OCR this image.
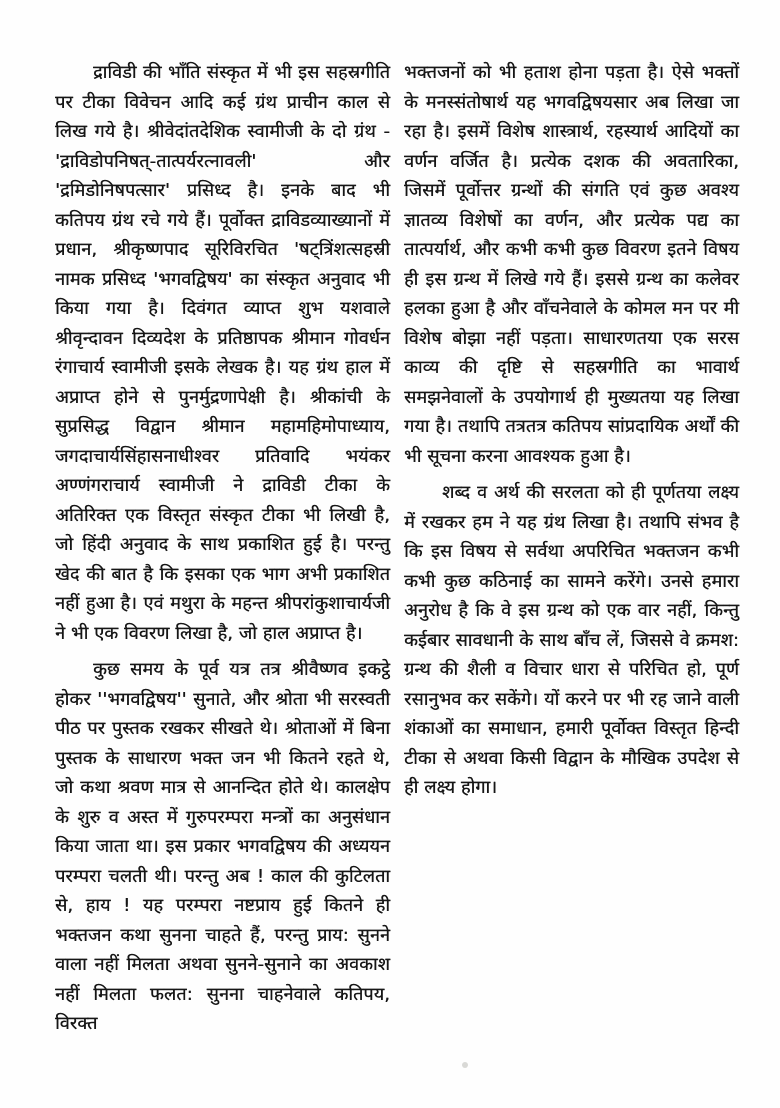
द्राविडी की भाँति संस्कृत में भी इस सहस्रगीति पर टीका विवेचन आदि कई ग्रंथ प्राचीन काल से लिख गये है। श्रीवेदांतदेशिक स्वामीजी के दो ग्रंथ - 'द्राविडोपनिषत्-तात्पर्यरत्नावली' और 'द्रमिडोनिषपत्सार' प्रसिध्द है। इनके बाद भी कतिपय ग्रंथ रचे गये हैं। पूर्वोक्त द्राविडव्याख्यानों में प्रधान, श्रीकृष्णपाद सूरिविरचित 'षट्त्रिंशत्सहस्री नामक प्रसिध्द 'भगवद्विषय' का संस्कृत अनुवाद भी किया गया है। दिवंगत व्याप्त शुभ यशवाले श्रीवृन्दावन दिव्यदेश के प्रतिष्ठापक श्रीमान गोवर्धन रंगाचार्य स्वामीजी इसके लेखक है। यह ग्रंथ हाल में अप्राप्त होने से पुनर्मुद्रणापेक्षी है। श्रीकांची के सुप्रसिद्ध विद्वान श्रीमान महामहिमोपाध्याय, जगदाचार्यसिंहासनाधीश्वर प्रतिवादि भयंकर अण्णंगराचार्य स्वामीजी ने द्राविडी टीका के अतिरिक्त एक विस्तृत संस्कृत टीका भी लिखी है, जो हिंदी अनुवाद के साथ प्रकाशित हुई है। परन्तु खेद की बात है कि इसका एक भाग अभी प्रकाशित नहीं हुआ है। एवं मथुरा के महन्त श्रीपरांकुशाचार्यजी ने भी एक विवरण लिखा है, जो हाल अप्राप्त है।

कुछ समय के पूर्व यत्र तत्र श्रीवैष्णव इकट्ठे होकर ''भगवद्विषय'' सुनाते, और श्रोता भी सरस्वती पीठ पर पुस्तक रखकर सीखते थे। श्रोताओं में बिना पुस्तक के साधारण भक्त जन भी कितने रहते थे, जो कथा श्रवण मात्र से आनन्दित होते थे। कालक्षेप के शुरु व अस्त में गुरुपरम्परा मन्त्रों का अनुसंधान किया जाता था। इस प्रकार भगवद्विषय की अध्ययन परम्परा चलती थी। परन्तु अब ! काल की कुटिलता से, हाय ! यह परम्परा नष्टप्राय हुई कितने ही भक्तजन कथा सुनना चाहते हैं, परन्तु प्राय: सुनने वाला नहीं मिलता अथवा सुनने-सुनाने का अवकाश नहीं मिलता फलत: सुनना चाहनेवाले कतिपय, विरक्त

भक्तजनों को भी हताश होना पड़ता है। ऐसे भक्तों के मनस्संतोषार्थ यह भगवद्विषयसार अब लिखा जा रहा है। इसमें विशेष शास्त्रार्थ, रहस्यार्थ आदियों का वर्णन वर्जित है। प्रत्येक दशक की अवतारिका, जिसमें पूर्वोत्तर ग्रन्थों की संगति एवं कुछ अवश्य ज्ञातव्य विशेषों का वर्णन, और प्रत्येक पद्य का तात्पर्यार्थ, और कभी कभी कुछ विवरण इतने विषय ही इस ग्रन्थ में लिखे गये हैं। इससे ग्रन्थ का कलेवर हलका हुआ है और वाँचनेवाले के कोमल मन पर मी विशेष बोझा नहीं पड़ता। साधारणतया एक सरस काव्य की दृष्टि से सहस्रगीति का भावार्थ समझनेवालों के उपयोगार्थ ही मुख्यतया यह लिखा गया है। तथापि तत्रतत्र कतिपय सांप्रदायिक अर्थों की भी सूचना करना आवश्यक हुआ है।

शब्द व अर्थ की सरलता को ही पूर्णतया लक्ष्य में रखकर हम ने यह ग्रंथ लिखा है। तथापि संभव है कि इस विषय से सर्वथा अपरिचित भक्तजन कभी कभी कुछ कठिनाई का सामने करेंगे। उनसे हमारा अनुरोध है कि वे इस ग्रन्थ को एक वार नहीं, किन्तु कईबार सावधानी के साथ बाँच लें, जिससे वे क्रमश: ग्रन्थ की शैली व विचार धारा से परिचित हो, पूर्ण रसानुभव कर सकेंगे। यों करने पर भी रह जाने वाली शंकाओं का समाधान, हमारी पूर्वोक्त विस्तृत हिन्दी टीका से अथवा किसी विद्वान के मौखिक उपदेश से ही लक्ष्य होगा।
